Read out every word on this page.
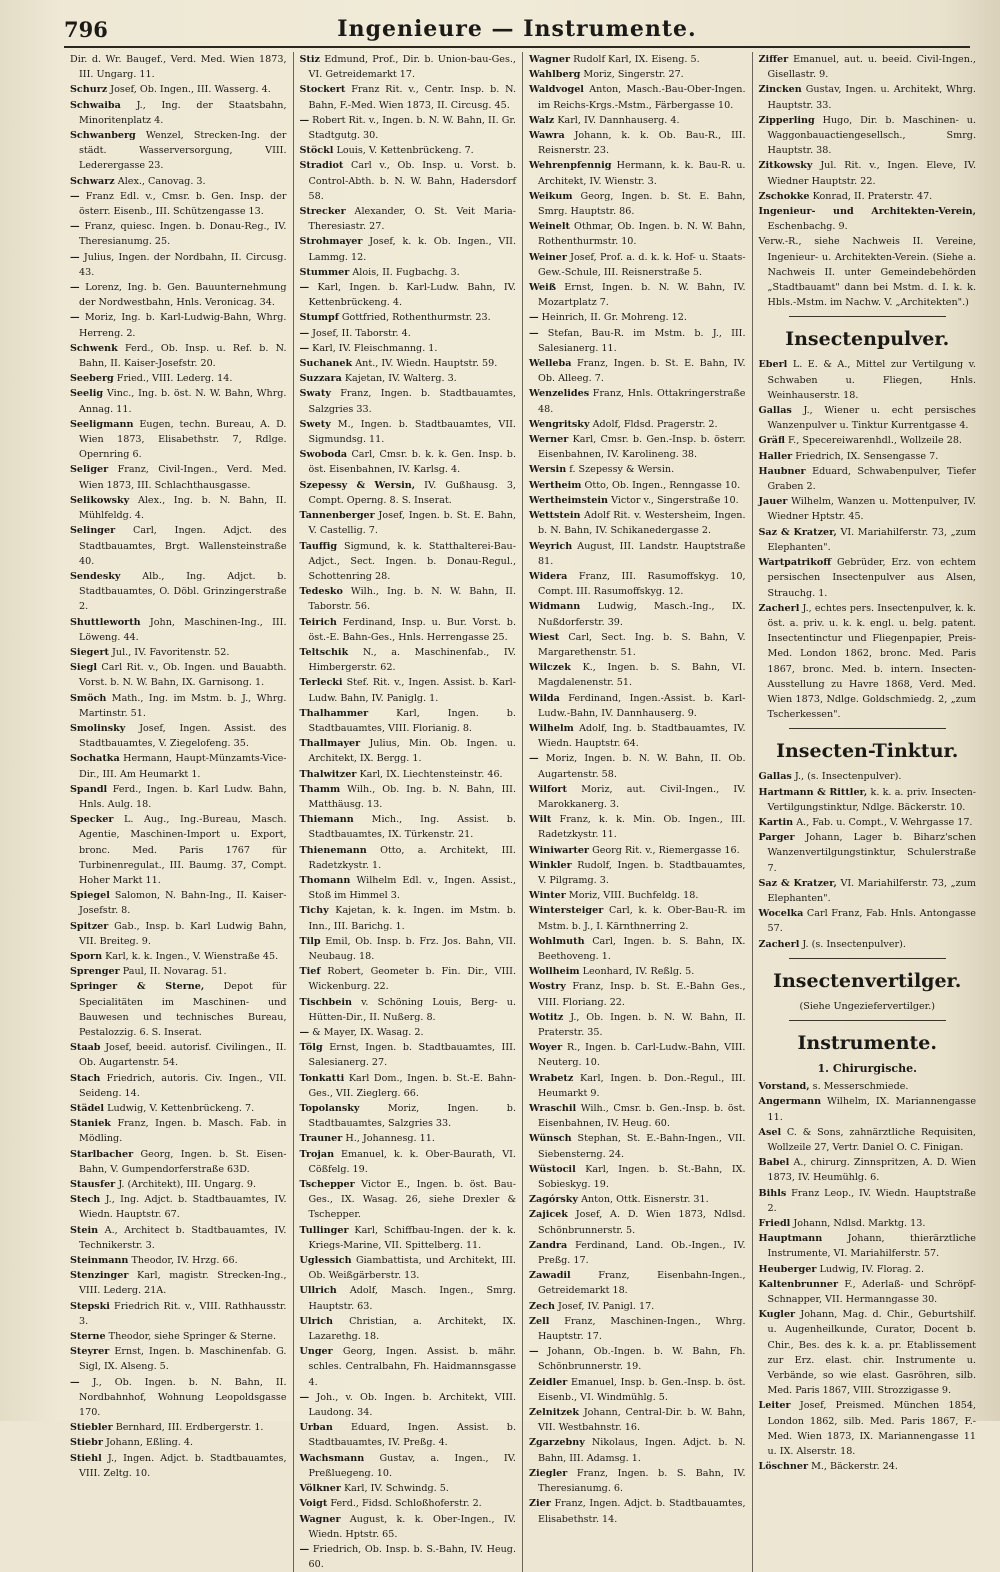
796	Ingenieure — Instrumente.

Dir. d. Wr. Baugef., Verd. Med. Wien 1873, III. Ungarg. 11.

Schurz Josef, Ob. Ingen., III. Wasserg. 4.

Schwaiba J., Ing. der Staatsbahn, Minoritenplatz 4.

Schwanberg Wenzel, Strecken-Ing. der städt. Wasserversorgung, VIII. Lederergasse 23.

Schwarz Alex., Canovag. 3.

— Franz Edl. v., Cmsr. b. Gen. Insp. der österr. Eisenb., III. Schützengasse 13.

— Franz, quiesc. Ingen. b. Donau-Reg., IV. Theresianumg. 25.

— Julius, Ingen. der Nordbahn, II. Circusg. 43.

— Lorenz, Ing. b. Gen. Bauunternehmung der Nordwestbahn, Hnls. Veronicag. 34.

— Moriz, Ing. b. Karl-Ludwig-Bahn, Whrg. Herreng. 2.

Schwenk Ferd., Ob. Insp. u. Ref. b. N. Bahn, II. Kaiser-Josefstr. 20.

Seeberg Fried., VIII. Lederg. 14.

Seelig Vinc., Ing. b. öst. N. W. Bahn, Whrg. Annag. 11.

Seeligmann Eugen, techn. Bureau, A. D. Wien 1873, Elisabethstr. 7, Rdlge. Opernring 6.

Seliger Franz, Civil-Ingen., Verd. Med. Wien 1873, III. Schlachthausgasse.

Selikowsky Alex., Ing. b. N. Bahn, II. Mühlfeldg. 4.

Selinger Carl, Ingen. Adjct. des Stadtbauamtes, Brgt. Wallensteinstraße 40.

Sendesky Alb., Ing. Adjct. b. Stadtbauamtes, O. Döbl. Grinzingerstraße 2.

Shuttleworth John, Maschinen-Ing., III. Löweng. 44.

Siegert Jul., IV. Favoritenstr. 52.

Siegl Carl Rit. v., Ob. Ingen. und Bauabth. Vorst. b. N. W. Bahn, IX. Garnisong. 1.

Smöch Math., Ing. im Mstm. b. J., Whrg. Martinstr. 51.

Smolinsky Josef, Ingen. Assist. des Stadtbauamtes, V. Ziegelofeng. 35.

Sochatka Hermann, Haupt-Münzamts-Vice-Dir., III. Am Heumarkt 1.

Spandl Ferd., Ingen. b. Karl Ludw. Bahn, Hnls. Aulg. 18.

Specker L. Aug., Ing.-Bureau, Masch. Agentie, Maschinen-Import u. Export, bronc. Med. Paris 1767 für Turbinenregulat., III. Baumg. 37, Compt. Hoher Markt 11.

Spiegel Salomon, N. Bahn-Ing., II. Kaiser-Josefstr. 8.

Spitzer Gab., Insp. b. Karl Ludwig Bahn, VII. Breiteg. 9.

Sporn Karl, k. k. Ingen., V. Wienstraße 45.

Sprenger Paul, II. Novarag. 51.

Springer & Sterne, Depot für Specialitäten im Maschinen- und Bauwesen und technisches Bureau, Pestalozzig. 6. S. Inserat.

Staab Josef, beeid. autorisf. Civilingen., II. Ob. Augartenstr. 54.

Stach Friedrich, autoris. Civ. Ingen., VII. Seideng. 14.

Städel Ludwig, V. Kettenbrückeng. 7.

Staniek Franz, Ingen. b. Masch. Fab. in Mödling.

Starlbacher Georg, Ingen. b. St. Eisen-Bahn, V. Gumpendorferstraße 63D.

Stausfer J. (Architekt), III. Ungarg. 9.

Stech J., Ing. Adjct. b. Stadtbauamtes, IV. Wiedn. Hauptstr. 67.

Stein A., Architect b. Stadtbauamtes, IV. Technikerstr. 3.

Steinmann Theodor, IV. Hrzg. 66.

Stenzinger Karl, magistr. Strecken-Ing., VIII. Lederg. 21A.

Stepski Friedrich Rit. v., VIII. Rathhausstr. 3.

Sterne Theodor, siehe Springer & Sterne.

Steyrer Ernst, Ingen. b. Maschinenfab. G. Sigl, IX. Alseng. 5.

— J., Ob. Ingen. b. N. Bahn, II. Nordbahnhof, Wohnung Leopoldsgasse 170.

Stiebler Bernhard, III. Erdbergerstr. 1.

Stiebr Johann, Eßling. 4.

Stiehl J., Ingen. Adjct. b. Stadtbauamtes, VIII. Zeltg. 10.

Stiz Edmund, Prof., Dir. b. Union-bau-Ges., VI. Getreidemarkt 17.

Stockert Franz Rit. v., Centr. Insp. b. N. Bahn, F.-Med. Wien 1873, II. Circusg. 45.

— Robert Rit. v., Ingen. b. N. W. Bahn, II. Gr. Stadtgutg. 30.

Stöckl Louis, V. Kettenbrückeng. 7.

Stradiot Carl v., Ob. Insp. u. Vorst. b. Control-Abth. b. N. W. Bahn, Hadersdorf 58.

Strecker Alexander, O. St. Veit Maria-Theresiastr. 27.

Strohmayer Josef, k. k. Ob. Ingen., VII. Lammg. 12.

Stummer Alois, II. Fugbachg. 3.

— Karl, Ingen. b. Karl-Ludw. Bahn, IV. Kettenbrückeng. 4.

Stumpf Gottfried, Rothenthurmstr. 23.

— Josef, II. Taborstr. 4.

— Karl, IV. Fleischmanng. 1.

Suchanek Ant., IV. Wiedn. Hauptstr. 59.

Suzzara Kajetan, IV. Walterg. 3.

Swaty Franz, Ingen. b. Stadtbauamtes, Salzgries 33.

Swety M., Ingen. b. Stadtbauamtes, VII. Sigmundsg. 11.

Swoboda Carl, Cmsr. b. k. k. Gen. Insp. b. öst. Eisenbahnen, IV. Karlsg. 4.

Szepessy & Wersin, IV. Gußhausg. 3, Compt. Operng. 8. S. Inserat.

Tannenberger Josef, Ingen. b. St. E. Bahn, V. Castellig. 7.

Tauffig Sigmund, k. k. Statthalterei-Bau-Adjct., Sect. Ingen. b. Donau-Regul., Schottenring 28.

Tedesko Wilh., Ing. b. N. W. Bahn, II. Taborstr. 56.

Teirich Ferdinand, Insp. u. Bur. Vorst. b. öst.-E. Bahn-Ges., Hnls. Herrengasse 25.

Teltschik N., a. Maschinenfab., IV. Himbergerstr. 62.

Terlecki Stef. Rit. v., Ingen. Assist. b. Karl-Ludw. Bahn, IV. Paniglg. 1.

Thalhammer	Karl, Ingen. b. Stadtbauamtes, VIII. Florianig. 8.

Thallmayer Julius, Min. Ob. Ingen. u. Architekt, IX. Bergg. 1.

Thalwitzer Karl, IX. Liechtensteinstr. 46.

Thamm Wilh., Ob. Ing. b. N. Bahn, III. Matthäusg. 13.

Thiemann Mich., Ing. Assist. b. Stadtbauamtes, IX. Türkenstr. 21.

Thienemann Otto, a. Architekt, III. Radetzkystr. 1.

Thomann Wilhelm Edl. v., Ingen. Assist., Stoß im Himmel 3.

Tichy Kajetan, k. k. Ingen. im Mstm. b. Inn., III. Barichg. 1.

Tilp Emil, Ob. Insp. b. Frz. Jos. Bahn, VII. Neubaug. 18.

Tief Robert, Geometer b. Fin. Dir., VIII. Wickenburg. 22.

Tischbein v. Schöning Louis, Berg- u. Hütten-Dir., II. Nußerg. 8.

— & Mayer, IX. Wasag. 2.

Tölg Ernst, Ingen. b. Stadtbauamtes, III. Salesianerg. 27.

Tonkatti Karl Dom., Ingen. b. St.-E. Bahn-Ges., VII. Zieglerg. 66.

Topolansky	Moriz, Ingen. b. Stadtbauamtes, Salzgries 33.

Trauner H., Johannesg. 11.

Trojan Emanuel, k. k. Ober-Baurath, VI. Cößfelg. 19.

Tschepper Victor E., Ingen. b. öst. Bau-Ges., IX. Wasag. 26, siehe Drexler & Tschepper.

Tullinger Karl, Schiffbau-Ingen. der k. k. Kriegs-Marine, VII. Spittelberg. 11.

Uglessich Giambattista, und Architekt, III. Ob. Weißgärberstr. 13.

Ullrich Adolf, Masch. Ingen., Smrg. Hauptstr. 63.

Ulrich Christian, a. Architekt, IX. Lazarethg. 18.

Unger Georg, Ingen. Assist. b. mähr. schles. Centralbahn, Fh. Haidmannsgasse 4.

— Joh., v. Ob. Ingen. b. Architekt, VIII. Laudong. 34.

Urban Eduard, Ingen. Assist. b. Stadtbauamtes, IV. Preßg. 4.

Wachsmann Gustav, a. Ingen., IV. Preßluegeng. 10.

Völkner Karl, IV. Schwindg. 5.

Voigt Ferd., Fidsd. Schloßhoferstr. 2.

Wagner August, k. k. Ober-Ingen., IV. Wiedn. Hptstr. 65.

— Friedrich, Ob. Insp. b. S.-Bahn, IV. Heug. 60.

Wagner Rudolf Karl, IX. Eiseng. 5.

Wahlberg Moriz, Singerstr. 27.

Waldvogel Anton, Masch.-Bau-Ober-Ingen. im Reichs-Krgs.-Mstm., Färbergasse 10.

Walz Karl, IV. Dannhauserg. 4.

Wawra Johann, k. k. Ob. Bau-R., III. Reisnerstr. 23.

Wehrenpfennig Hermann, k. k. Bau-R. u. Architekt, IV. Wienstr. 3.

Weikum Georg, Ingen. b. St. E. Bahn, Smrg. Hauptstr. 86.

Weinelt Othmar, Ob. Ingen. b. N. W. Bahn, Rothenthurmstr. 10.

Weiner Josef, Prof. a. d. k. k. Hof- u. Staats-Gew.-Schule, III. Reisnerstraße 5.

Weiß Ernst, Ingen. b. N. W. Bahn, IV. Mozartplatz 7.

— Heinrich, II. Gr. Mohreng. 12.

— Stefan, Bau-R. im Mstm. b. J., III. Salesianerg. 11.

Welleba Franz, Ingen. b. St. E. Bahn, IV. Ob. Alleeg. 7.

Wenzelides Franz, Hnls. Ottakringerstraße 48.

Wengritsky Adolf, Fldsd. Pragerstr. 2.

Werner Karl, Cmsr. b. Gen.-Insp. b. österr. Eisenbahnen, IV. Karolineng. 38.

Wersin f. Szepessy & Wersin.

Wertheim Otto, Ob. Ingen., Renngasse 10.

Wertheimstein Victor v., Singerstraße 10.

Wettstein Adolf Rit. v. Westersheim, Ingen. b. N. Bahn, IV. Schikanedergasse 2.

Weyrich August, III. Landstr. Hauptstraße 81.

Widera Franz, III. Rasumoffskyg. 10, Compt. III. Rasumoffskyg. 12.

Widmann Ludwig, Masch.-Ing., IX. Nußdorferstr. 39.

Wiest Carl, Sect. Ing. b. S. Bahn, V. Margarethenstr. 51.

Wilczek K., Ingen. b. S. Bahn, VI. Magdalenenstr. 51.

Wilda Ferdinand, Ingen.-Assist. b. Karl-Ludw.-Bahn, IV. Dannhauserg. 9.

Wilhelm Adolf, Ing. b. Stadtbauamtes, IV. Wiedn. Hauptstr. 64.

— Moriz, Ingen. b. N. W. Bahn, II. Ob. Augartenstr. 58.

Wilfort Moriz, aut. Civil-Ingen., IV. Marokkanerg. 3.

Wilt Franz, k. k. Min. Ob. Ingen., III. Radetzkystr. 11.

Winiwarter Georg Rit. v., Riemergasse 16.

Winkler Rudolf, Ingen. b. Stadtbauamtes, V. Pilgramg. 3.

Winter Moriz, VIII. Buchfeldg. 18.

Wintersteiger Carl, k. k. Ober-Bau-R. im Mstm. b. J., I. Kärnthnerring 2.

Wohlmuth Carl, Ingen. b. S. Bahn, IX. Beethoveng. 1.

Wollheim Leonhard, IV. Reßlg. 5.

Wostry Franz, Insp. b. St. E.-Bahn Ges., VIII. Floriang. 22.

Wotitz J., Ob. Ingen. b. N. W. Bahn, II. Praterstr. 35.

Woyer R., Ingen. b. Carl-Ludw.-Bahn, VIII. Neuterg. 10.

Wrabetz Karl, Ingen. b. Don.-Regul., III. Heumarkt 9.

Wraschil Wilh., Cmsr. b. Gen.-Insp. b. öst. Eisenbahnen, IV. Heug. 60.

Wünsch Stephan, St. E.-Bahn-Ingen., VII. Siebensterng. 24.

Wüstocil Karl, Ingen. b. St.-Bahn, IX. Sobieskyg. 19.

Zagórsky Anton, Ottk. Eisnerstr. 31.

Zajicek Josef, A. D. Wien 1873, Ndlsd. Schönbrunnerstr. 5.

Zandra Ferdinand, Land. Ob.-Ingen., IV. Preßg. 17.

Zawadil	Franz, Eisenbahn-Ingen., Getreidemarkt 18.

Zech Josef, IV. Panigl. 17.

Zell Franz, Maschinen-Ingen., Whrg. Hauptstr. 17.

— Johann, Ob.-Ingen. b. W. Bahn, Fh. Schönbrunnerstr. 19.

Zeidler Emanuel, Insp. b. Gen.-Insp. b. öst. Eisenb., VI. Windmühlg. 5.

Zelnitzek Johann, Central-Dir. b. W. Bahn, VII. Westbahnstr. 16.

Zgarzebny Nikolaus, Ingen. Adjct. b. N. Bahn, III. Adamsg. 1.

Ziegler Franz, Ingen. b. S. Bahn, IV. Theresianumg. 6.

Zier Franz, Ingen. Adjct. b. Stadtbauamtes, Elisabethstr. 14.

Ziffer Emanuel, aut. u. beeid. Civil-Ingen., Gisellastr. 9.

Zincken Gustav, Ingen. u. Architekt, Whrg. Hauptstr. 33.

Zipperling Hugo, Dir. b. Maschinen- u. Waggonbauactiengesellsch., Smrg. Hauptstr. 38.

Zitkowsky Jul. Rit. v., Ingen. Eleve, IV. Wiedner Hauptstr. 22.

Zschokke Konrad, II. Praterstr. 47.

Ingenieur- und Architekten-Verein, Eschenbachg. 9.

Verw.-R., siehe Nachweis II. Vereine, Ingenieur- u. Architekten-Verein. (Siehe a. Nachweis II. unter Gemeindebehörden „Stadtbauamt" dann bei Mstm. d. I. k. k. Hbls.-Mstm. im Nachw. V. „Architekten".)

Insectenpulver.

Eberl L. E. & A., Mittel zur Vertilgung v. Schwaben u. Fliegen, Hnls. Weinhauserstr. 18.

Gallas J., Wiener u. echt persisches Wanzenpulver u. Tinktur Kurrentgasse 4.

Gräfl F., Specereiwarenhdl., Wollzeile 28.

Haller Friedrich, IX. Sensengasse 7.

Haubner Eduard, Schwabenpulver, Tiefer Graben 2.

Jauer Wilhelm, Wanzen u. Mottenpulver, IV. Wiedner Hptstr. 45.

Saz & Kratzer, VI. Mariahilferstr. 73, „zum Elephanten".

Wartpatrikoff Gebrüder, Erz. von echtem persischen Insectenpulver aus Alsen, Strauchg. 1.

Zacherl J., echtes pers. Insectenpulver, k. k. öst. a. priv. u. k. k. engl. u. belg. patent. Insectentinctur und Fliegenpapier, Preis-Med. London 1862, bronc. Med. Paris 1867, bronc. Med. b. intern. Insecten-Ausstellung zu Havre 1868, Verd. Med. Wien 1873, Ndlge. Goldschmiedg. 2, „zum Tscherkessen".

Insecten-Tinktur.

Gallas J., (s. Insectenpulver).

Hartmann & Rittler, k. k. a. priv. Insecten-Vertilgungstinktur, Ndlge. Bäckerstr. 10.

Kartin A., Fab. u. Compt., V. Wehrgasse 17.

Parger Johann, Lager b. Biharz'schen Wanzenvertilgungstinktur, Schulerstraße 7.

Saz & Kratzer, VI. Mariahilferstr. 73, „zum Elephanten".

Wocelka Carl Franz, Fab. Hnls. Antongasse 57.

Zacherl J. (s. Insectenpulver).

Insectenvertilger.
(Siehe Ungeziefervertilger.)
Instrumente.
1. Chirurgische.

Vorstand, s. Messerschmiede.

Angermann Wilhelm, IX. Mariannengasse 11.

Asel C. & Sons, zahnärztliche Requisiten, Wollzeile 27, Vertr. Daniel O. C. Finigan.

Babel A., chirurg. Zinnspritzen, A. D. Wien 1873, IV. Heumühlg. 6.

Bihls Franz Leop., IV. Wiedn. Hauptstraße 2.

Friedl Johann, Ndlsd. Marktg. 13.

Hauptmann	Johann, thierärztliche Instrumente, VI. Mariahilferstr. 57.

Heuberger Ludwig, IV. Florag. 2.

Kaltenbrunner F., Aderlaß- und Schröpf-Schnapper, VII. Hermanngasse 30.

Kugler Johann, Mag. d. Chir., Geburtshilf. u. Augenheilkunde, Curator, Docent b. Chir., Bes. des k. k. a. pr. Etablissement zur Erz. elast. chir. Instrumente u. Verbände, so wie elast. Gasröhren, silb. Med. Paris 1867, VIII. Strozzigasse 9.

Leiter Josef, Preismed. München 1854, London 1862, silb. Med. Paris 1867, F.-Med. Wien 1873, IX. Mariannengasse 11 u. IX. Alserstr. 18.

Löschner M., Bäckerstr. 24.
